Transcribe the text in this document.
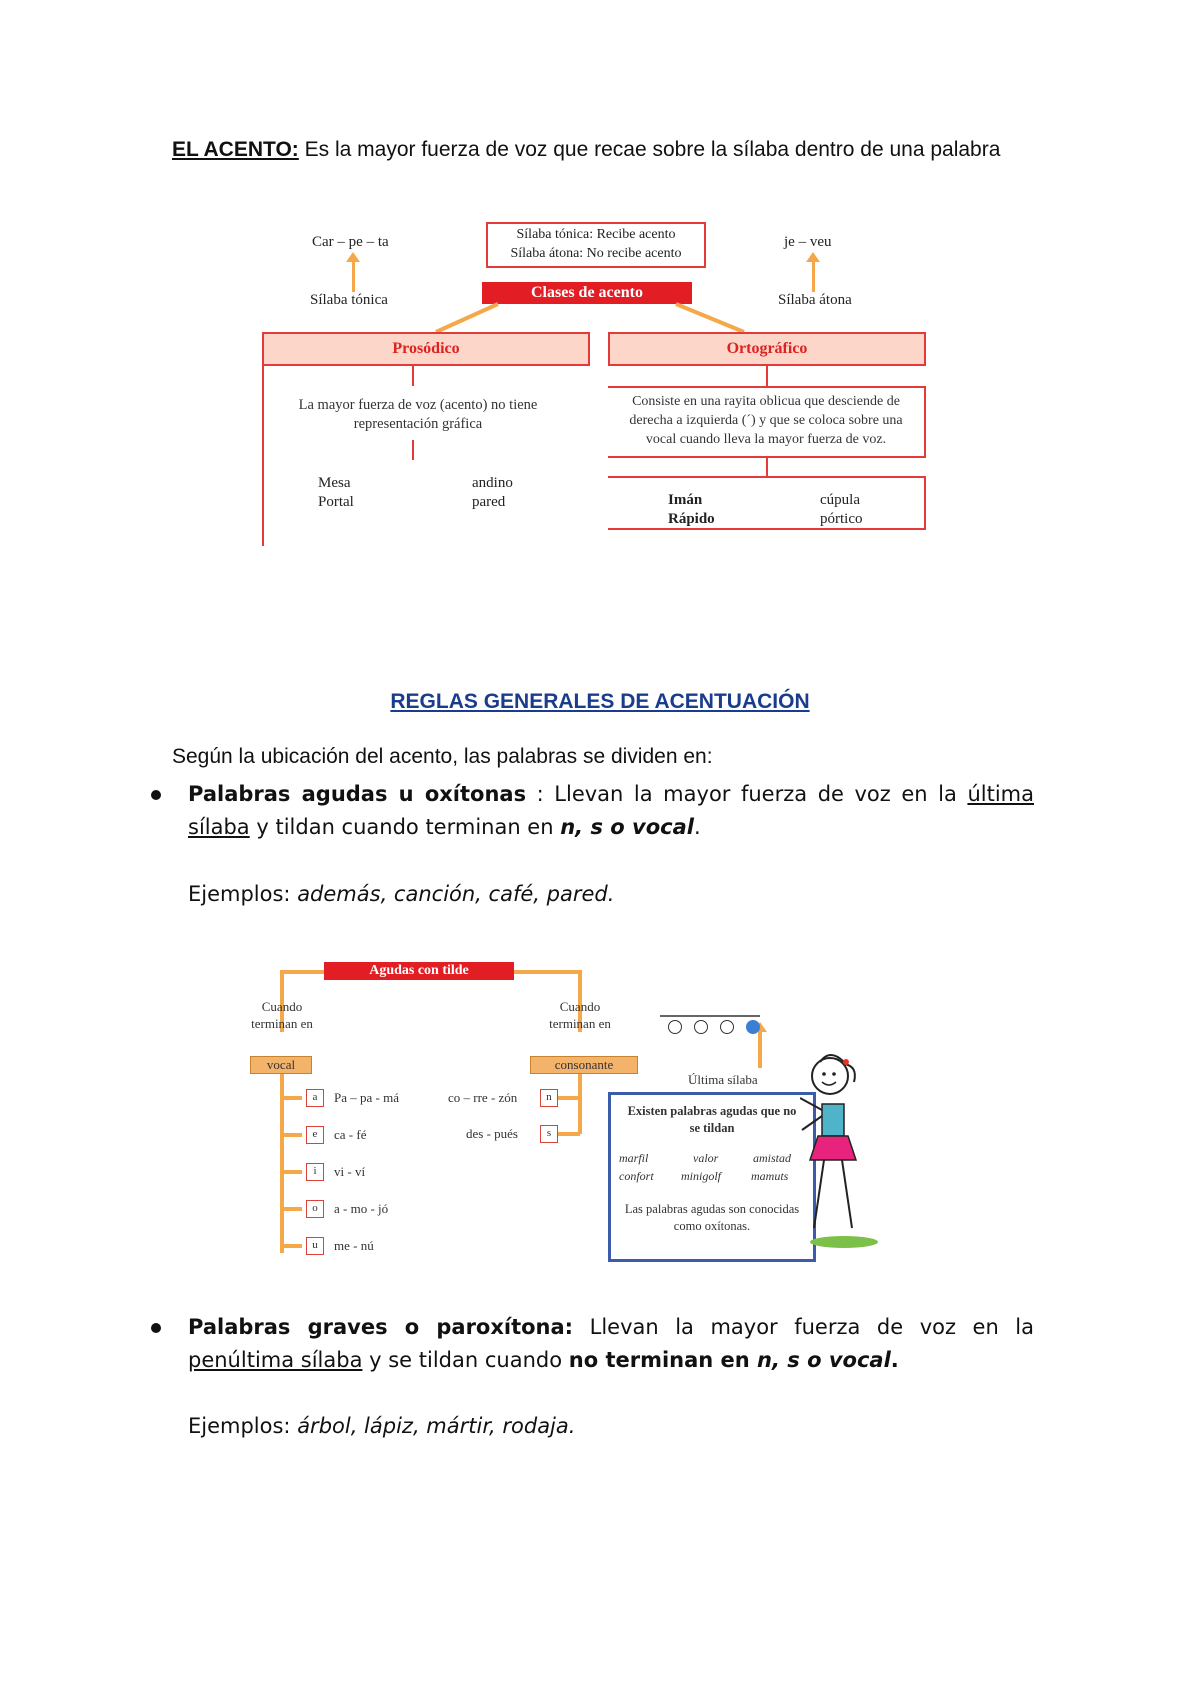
EL ACENTO: Es la mayor fuerza de voz que recae sobre la sílaba dentro de una palabra
Car – pe – ta
Sílaba tónica
Sílaba tónica: Recibe acento
Sílaba átona: No recibe acento
je – veu
Sílaba átona
Clases de acento
Prosódico
La mayor fuerza de voz (acento) no tiene representación gráfica
Mesa	andino
Portal	pared
Ortográfico
Consiste en una rayita oblicua que desciende de derecha a izquierda (´) y que se coloca sobre una vocal cuando lleva la mayor fuerza de voz.
Imán	cúpula
Rápido	pórtico
REGLAS GENERALES DE ACENTUACIÓN
Según la ubicación del acento, las palabras se dividen en:
Palabras agudas u oxítonas : Llevan la mayor fuerza de voz en la última sílaba y tildan cuando terminan en n, s o vocal.
Ejemplos: además, canción, café, pared.
Agudas con tilde
Cuando terminan en
vocal
Cuando terminan en
consonante
a	Pa – pa - má
e	ca - fé
i	vi - ví
o	a - mo - jó
u	me - nú
co – rre - zón	n
des - pués	s
Última sílaba
Existen palabras agudas que no se tildan
marfil	valor	amistad
confort minigolf mamuts
Las palabras agudas son conocidas como oxítonas.
Palabras graves o paroxítona: Llevan la mayor fuerza de voz en la penúltima sílaba y se tildan cuando no terminan en n, s o vocal.
Ejemplos: árbol, lápiz, mártir, rodaja.
